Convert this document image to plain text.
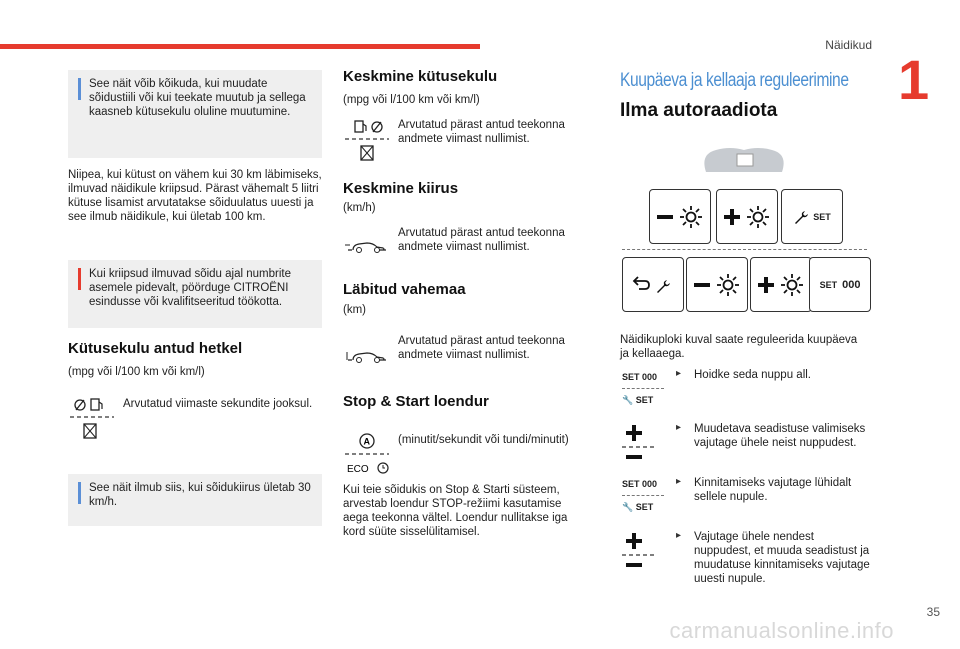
Näidikud
1

See näit võib kõikuda, kui muudate sõidustiili või kui teekate muutub ja sellega kaasneb kütusekulu oluline muutumine.

Niipea, kui kütust on vähem kui 30 km läbimiseks, ilmuvad näidikule kriipsud. Pärast vähemalt 5 liitri kütuse lisamist arvutatakse sõiduulatus uuesti ja see ilmub näidikule, kui ületab 100 km.

Kui kriipsud ilmuvad sõidu ajal numbrite asemele pidevalt, pöörduge CITROËNI esindusse või kvalifitseeritud töökotta.

Kütusekulu antud hetkel
(mpg või l/100 km või km/l)
Arvutatud viimaste sekundite jooksul.

See näit ilmub siis, kui sõidukiirus ületab 30 km/h.

Keskmine kütusekulu
(mpg või l/100 km või km/l)
Arvutatud pärast antud teekonna andmete viimast nullimist.
Keskmine kiirus
(km/h)
Arvutatud pärast antud teekonna andmete viimast nullimist.
Läbitud vahemaa
(km)
Arvutatud pärast antud teekonna andmete viimast nullimist.
Stop & Start loendur
A
ECO
(minutit/sekundit või tundi/minutit)
Kui teie sõidukis on Stop & Starti süsteem, arvestab loendur STOP-režiimi kasutamise aega teekonna vältel. Loendur nullitakse iga kord süüte sisselülitamisel.
Kuupäeva ja kellaaja reguleerimine
Ilma autoraadiota
SET
SET 000
Näidikuploki kuval saate reguleerida kuupäeva ja kellaaega.
SET 000
🔧 SET
▸ Hoidke seda nuppu all.
▸ Muudetava seadistuse valimiseks vajutage ühele neist nuppudest.
SET 000
🔧 SET
▸ Kinnitamiseks vajutage lühidalt sellele nupule.
▸ Vajutage ühele nendest nuppudest, et muuda seadistust ja muudatuse kinnitamiseks vajutage uuesti nupule.
35
carmanualsonline.info
